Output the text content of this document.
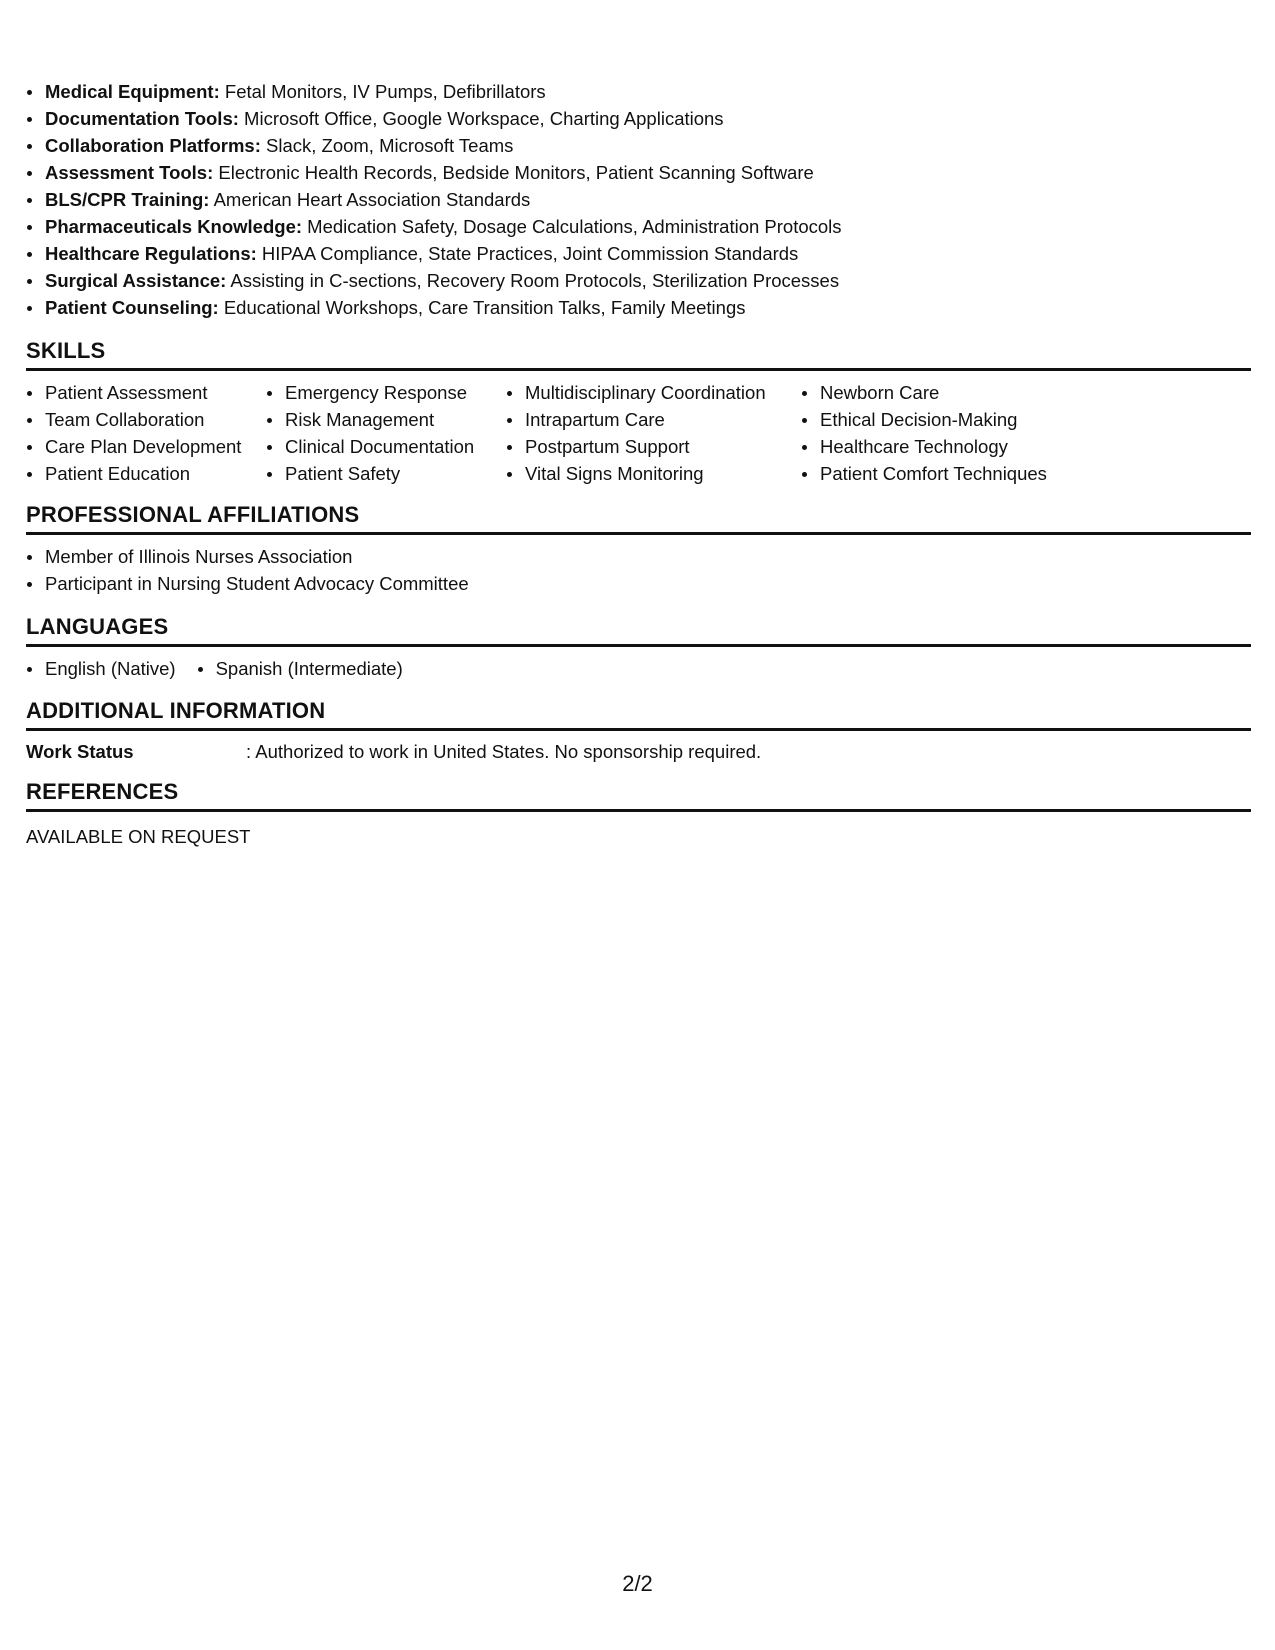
Medical Equipment: Fetal Monitors, IV Pumps, Defibrillators
Documentation Tools: Microsoft Office, Google Workspace, Charting Applications
Collaboration Platforms: Slack, Zoom, Microsoft Teams
Assessment Tools: Electronic Health Records, Bedside Monitors, Patient Scanning Software
BLS/CPR Training: American Heart Association Standards
Pharmaceuticals Knowledge: Medication Safety, Dosage Calculations, Administration Protocols
Healthcare Regulations: HIPAA Compliance, State Practices, Joint Commission Standards
Surgical Assistance: Assisting in C-sections, Recovery Room Protocols, Sterilization Processes
Patient Counseling: Educational Workshops, Care Transition Talks, Family Meetings
SKILLS
Patient Assessment
Team Collaboration
Care Plan Development
Patient Education
Emergency Response
Risk Management
Clinical Documentation
Patient Safety
Multidisciplinary Coordination
Intrapartum Care
Postpartum Support
Vital Signs Monitoring
Newborn Care
Ethical Decision-Making
Healthcare Technology
Patient Comfort Techniques
PROFESSIONAL AFFILIATIONS
Member of Illinois Nurses Association
Participant in Nursing Student Advocacy Committee
LANGUAGES
English (Native)	Spanish (Intermediate)
ADDITIONAL INFORMATION
Work Status	: Authorized to work in United States. No sponsorship required.
REFERENCES
AVAILABLE ON REQUEST
2/2
